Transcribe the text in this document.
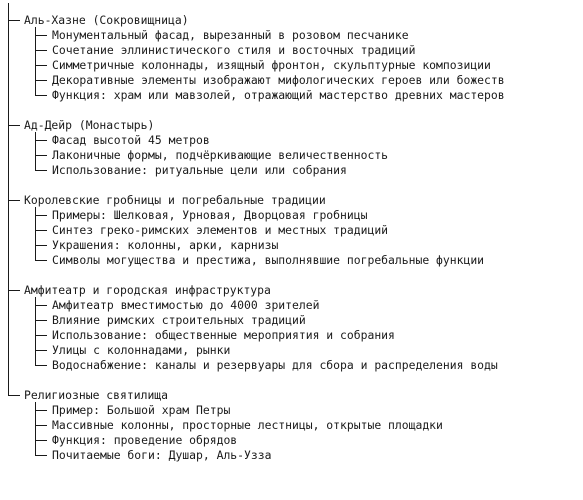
Аль-Хазне (Сокровищница)
Монументальный фасад, вырезанный в розовом песчанике
Сочетание эллинистического стиля и восточных традиций
Симметричные колоннады, изящный фронтон, скульптурные композиции
Декоративные элементы изображают мифологических героев или божеств
Функция: храм или мавзолей, отражающий мастерство древних мастеров
Ад-Дейр (Монастырь)
Фасад высотой 45 метров
Лаконичные формы, подчёркивающие величественность
Использование: ритуальные цели или собрания
Королевские гробницы и погребальные традиции
Примеры: Шелковая, Урновая, Дворцовая гробницы
Синтез греко-римских элементов и местных традиций
Украшения: колонны, арки, карнизы
Символы могущества и престижа, выполнявшие погребальные функции
Амфитеатр и городская инфраструктура
Амфитеатр вместимостью до 4000 зрителей
Влияние римских строительных традиций
Использование: общественные мероприятия и собрания
Улицы с колоннадами, рынки
Водоснабжение: каналы и резервуары для сбора и распределения воды
Религиозные святилища
Пример: Большой храм Петры
Массивные колонны, просторные лестницы, открытые площадки
Функция: проведение обрядов
Почитаемые боги: Душар, Аль-Узза
